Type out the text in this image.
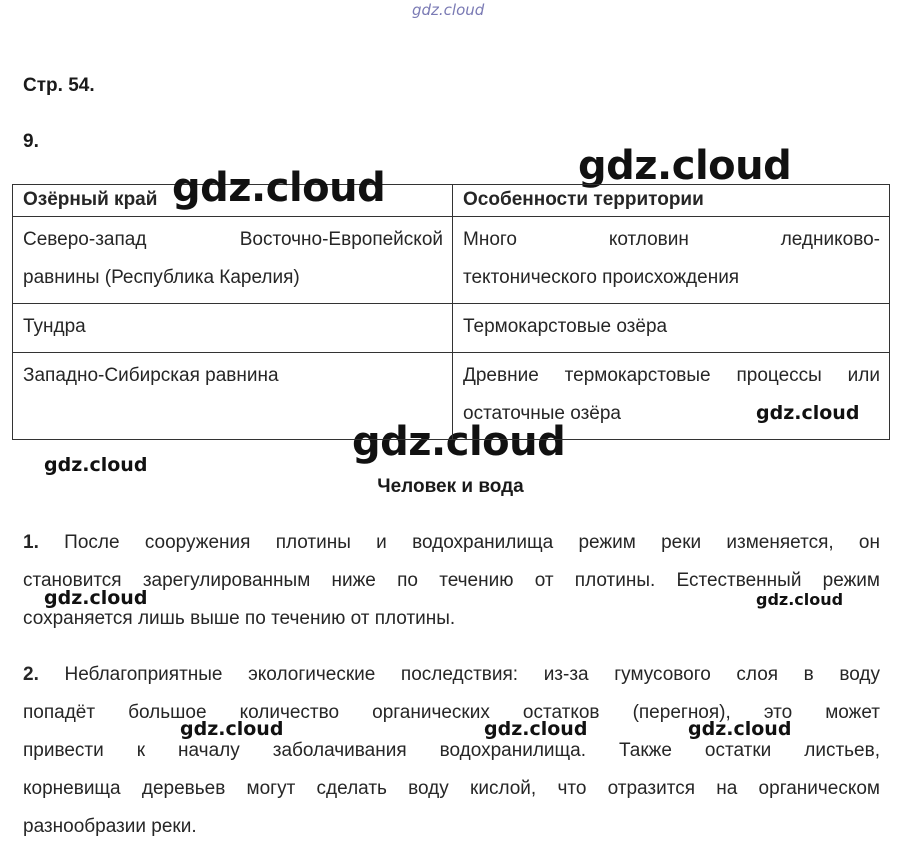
gdz.cloud
gdz.cloud
gdz.cloud
gdz.cloud
gdz.cloud
gdz.cloud	gdz.cloud
gdz.cloud	gdz.cloud	gdz.cloud
Стр. 54.
9.
Озёрный край	Особенности территории

Северо-запад Восточно-Европейской
равнины (Республика Карелия)	Много котловин ледниково-
тектонического происхождения

Тундра	Термокарстовые озёра

Западно-Сибирская равнина	Древние термокарстовые процессы или
остаточные озёра
gdz.cloud
Человек и вода
1. После сооружения плотины и водохранилища режим реки изменяется, он
становится зарегулированным ниже по течению от плотины. Естественный режим
сохраняется лишь выше по течению от плотины.
2. Неблагоприятные экологические последствия: из-за гумусового слоя в воду
попадёт большое количество органических остатков (перегноя), это может
привести к началу заболачивания водохранилища. Также остатки листьев,
корневища деревьев могут сделать воду кислой, что отразится на органическом
разнообразии реки.
